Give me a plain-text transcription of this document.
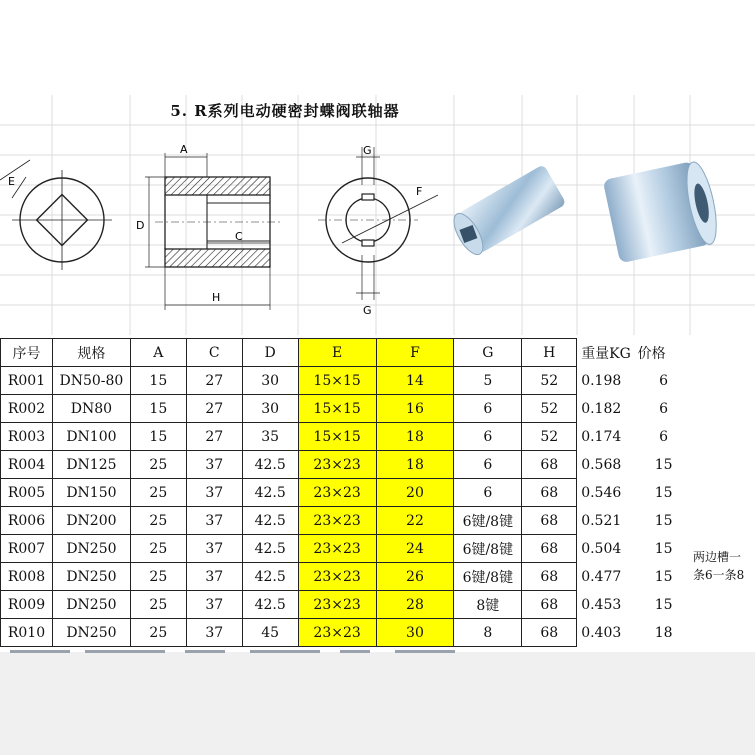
5. R系列电动硬密封蝶阀联轴器
E
A
D
C
H
G
G
F
序号	规格	A	C	D	E	F	G	H	重量KG	价格	
R001	DN50-80	15	27	30	15×15	14	5	52	0.198	6	
R002	DN80	15	27	30	15×15	16	6	52	0.182	6	
R003	DN100	15	27	35	15×15	18	6	52	0.174	6	
R004	DN125	25	37	42.5	23×23	18	6	68	0.568	15	
R005	DN150	25	37	42.5	23×23	20	6	68	0.546	15	
R006	DN200	25	37	42.5	23×23	22	6键/8键	68	0.521	15	
R007	DN250	25	37	42.5	23×23	24	6键/8键	68	0.504	15	
R008	DN250	25	37	42.5	23×23	26	6键/8键	68	0.477	15	
R009	DN250	25	37	42.5	23×23	28	8键	68	0.453	15	
R010	DN250	25	37	45	23×23	30	8	68	0.403	18	
两边槽一
条6一条8
